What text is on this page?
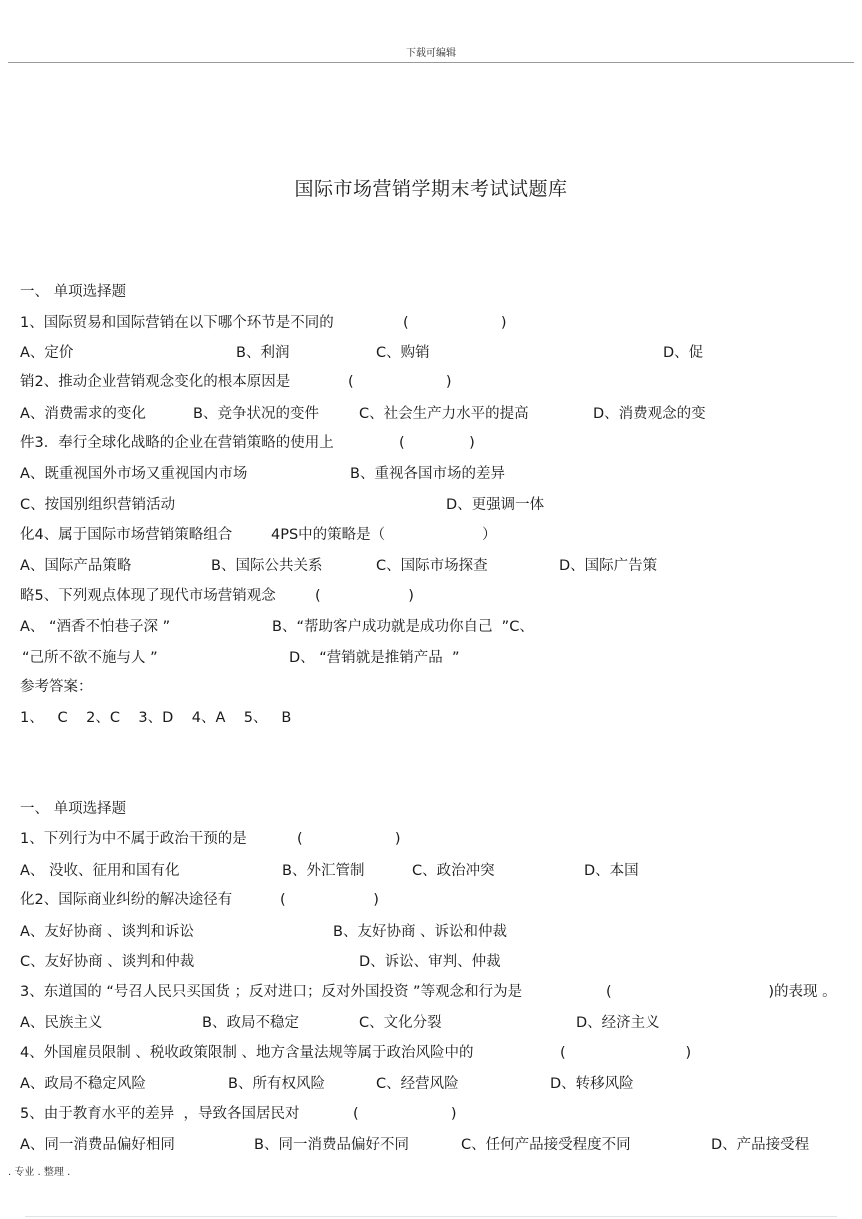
下载可编辑
国际市场营销学期末考试试题库
一、 单项选择题
1、国际贸易和国际营销在以下哪个环节是不同的	(                    )
A、定价	B、利润	C、购销	D、促
销2、推动企业营销观念变化的根本原因是	(                    )
A、消费需求的变化	B、竞争状况的变件	C、社会生产力水平的提高	D、消费观念的变
件3．奉行全球化战略的企业在营销策略的使用上	(              )
A、既重视国外市场又重视国内市场	B、重视各国市场的差异
C、按国别组织营销活动	D、更强调一体
化4、属于国际市场营销策略组合	4PS中的策略是（	）
A、国际产品策略	B、国际公共关系	C、国际市场探查	D、国际广告策
略5、下列观点体现了现代市场营销观念	(                   )
A、 “酒香不怕巷子深 ”	B、“帮助客户成功就是成功你自己  ”C、
“己所不欲不施与人 ”	D、 “营销就是推销产品  ”
参考答案：
1、   C    2、C    3、D    4、A    5、   B
一、 单项选择题
1、下列行为中不属于政治干预的是	(                    )
A、 没收、征用和国有化	B、外汇管制	C、政治冲突	D、本国
化2、国际商业纠纷的解决途径有	(                   )
A、友好协商 、谈判和诉讼	B、友好协商 、诉讼和仲裁
C、友好协商 、谈判和仲裁	D、诉讼、审判、仲裁
3、东道国的 “号召人民只买国货 ；反对进口；反对外国投资 ”等观念和行为是	(                                  )的表现 。
A、民族主义	B、政局不稳定	C、文化分裂	D、经济主义
4、外国雇员限制 、税收政策限制 、地方含量法规等属于政治风险中的	(                          )
A、政局不稳定风险	B、所有权风险	C、经营风险	D、转移风险
5、由于教育水平的差异  ，导致各国居民对	(                    )
A、同一消费品偏好相同	B、同一消费品偏好不同	C、任何产品接受程度不同	D、产品接受程
. 专业 . 整理 .
